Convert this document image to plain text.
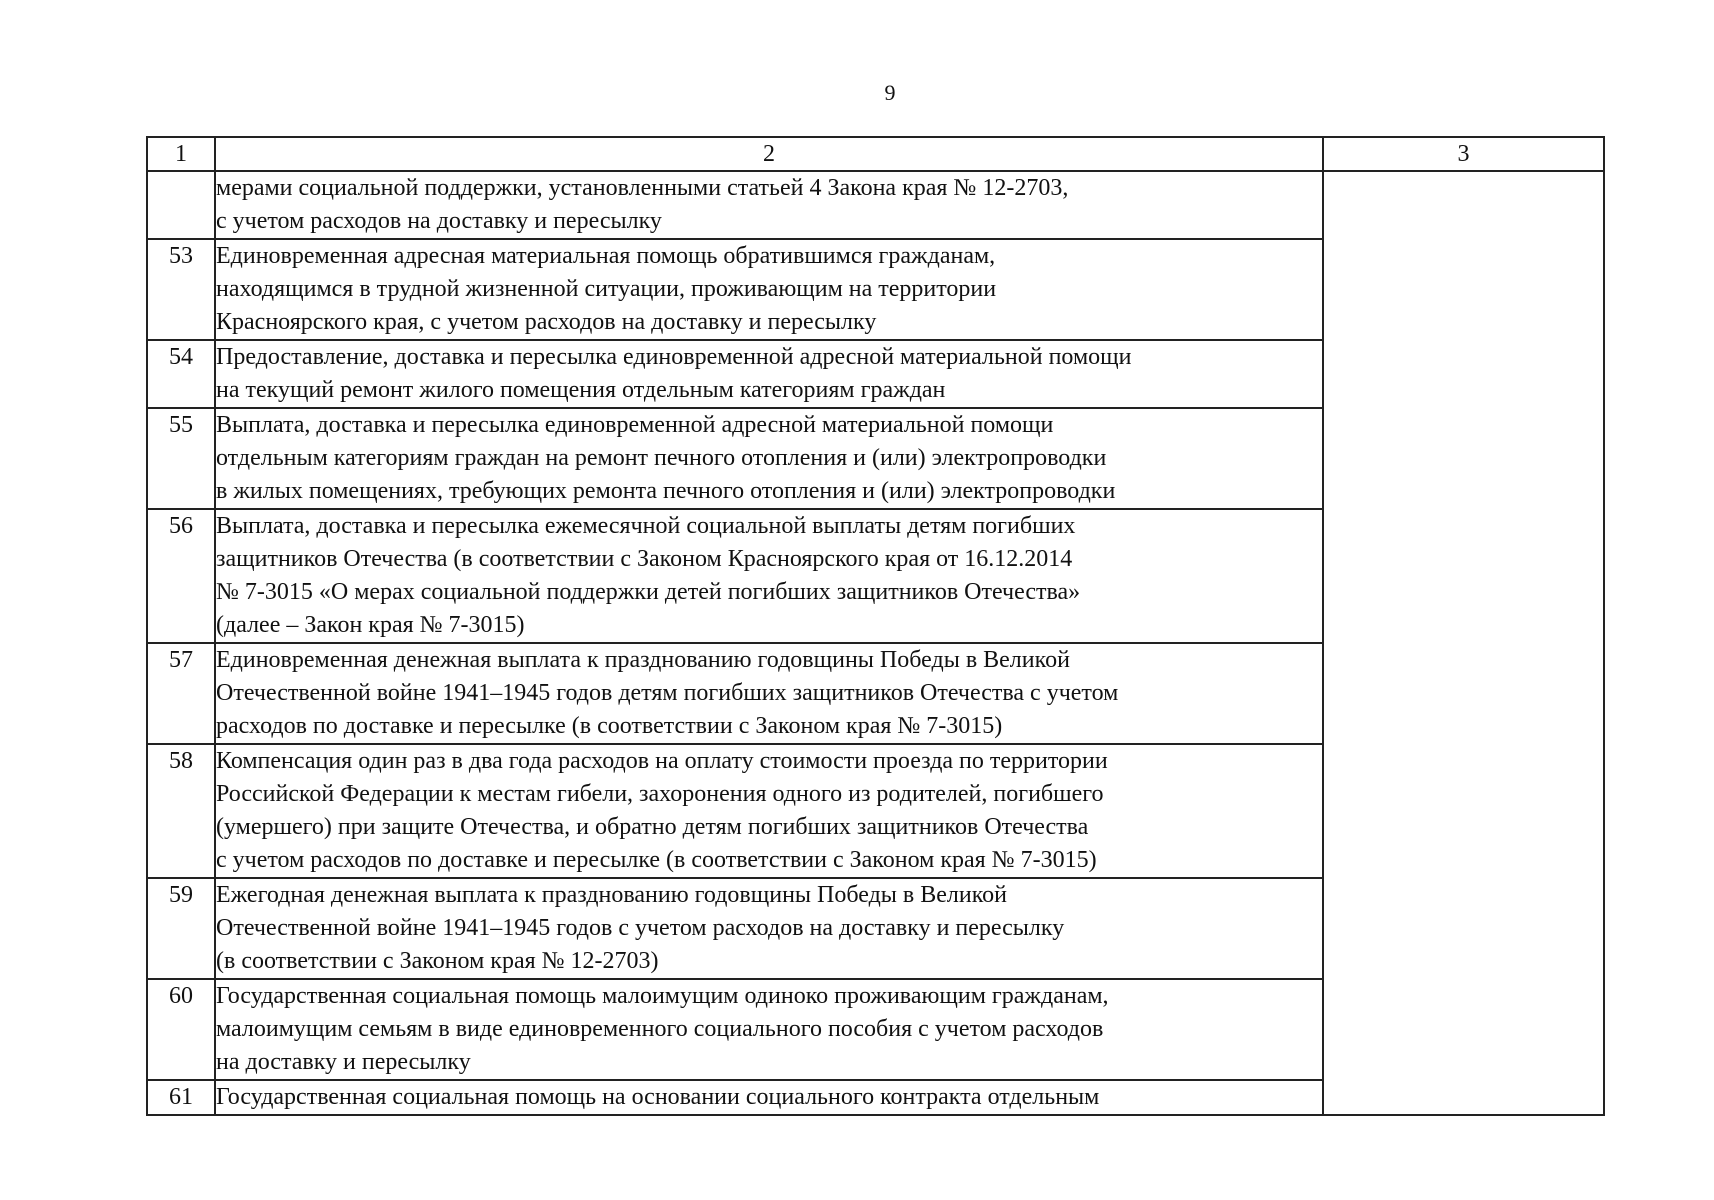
9
1	2	3
	мерами социальной поддержки, установленными статьей 4 Закона края № 12-2703,
с учетом расходов на доставку и пересылку	
53	Единовременная адресная материальная помощь обратившимся гражданам,
находящимся в трудной жизненной ситуации, проживающим на территории
Красноярского края, с учетом расходов на доставку и пересылку	
54	Предоставление, доставка и пересылка единовременной адресной материальной помощи
на текущий ремонт жилого помещения отдельным категориям граждан	
55	Выплата, доставка и пересылка единовременной адресной материальной помощи
отдельным категориям граждан на ремонт печного отопления и (или) электропроводки
в жилых помещениях, требующих ремонта печного отопления и (или) электропроводки	
56	Выплата, доставка и пересылка ежемесячной социальной выплаты детям погибших
защитников Отечества (в соответствии с Законом Красноярского края от 16.12.2014
№ 7-3015 «О мерах социальной поддержки детей погибших защитников Отечества»
(далее – Закон края № 7-3015)	
57	Единовременная денежная выплата к празднованию годовщины Победы в Великой
Отечественной войне 1941–1945 годов детям погибших защитников Отечества с учетом
расходов по доставке и пересылке (в соответствии с Законом края № 7-3015)	
58	Компенсация один раз в два года расходов на оплату стоимости проезда по территории
Российской Федерации к местам гибели, захоронения одного из родителей, погибшего
(умершего) при защите Отечества, и обратно детям погибших защитников Отечества
с учетом расходов по доставке и пересылке (в соответствии с Законом края № 7-3015)	
59	Ежегодная денежная выплата к празднованию годовщины Победы в Великой
Отечественной войне 1941–1945 годов с учетом расходов на доставку и пересылку
(в соответствии с Законом края № 12-2703)	
60	Государственная социальная помощь малоимущим одиноко проживающим гражданам,
малоимущим семьям в виде единовременного социального пособия с учетом расходов
на доставку и пересылку	
61	Государственная социальная помощь на основании социального контракта отдельным	
